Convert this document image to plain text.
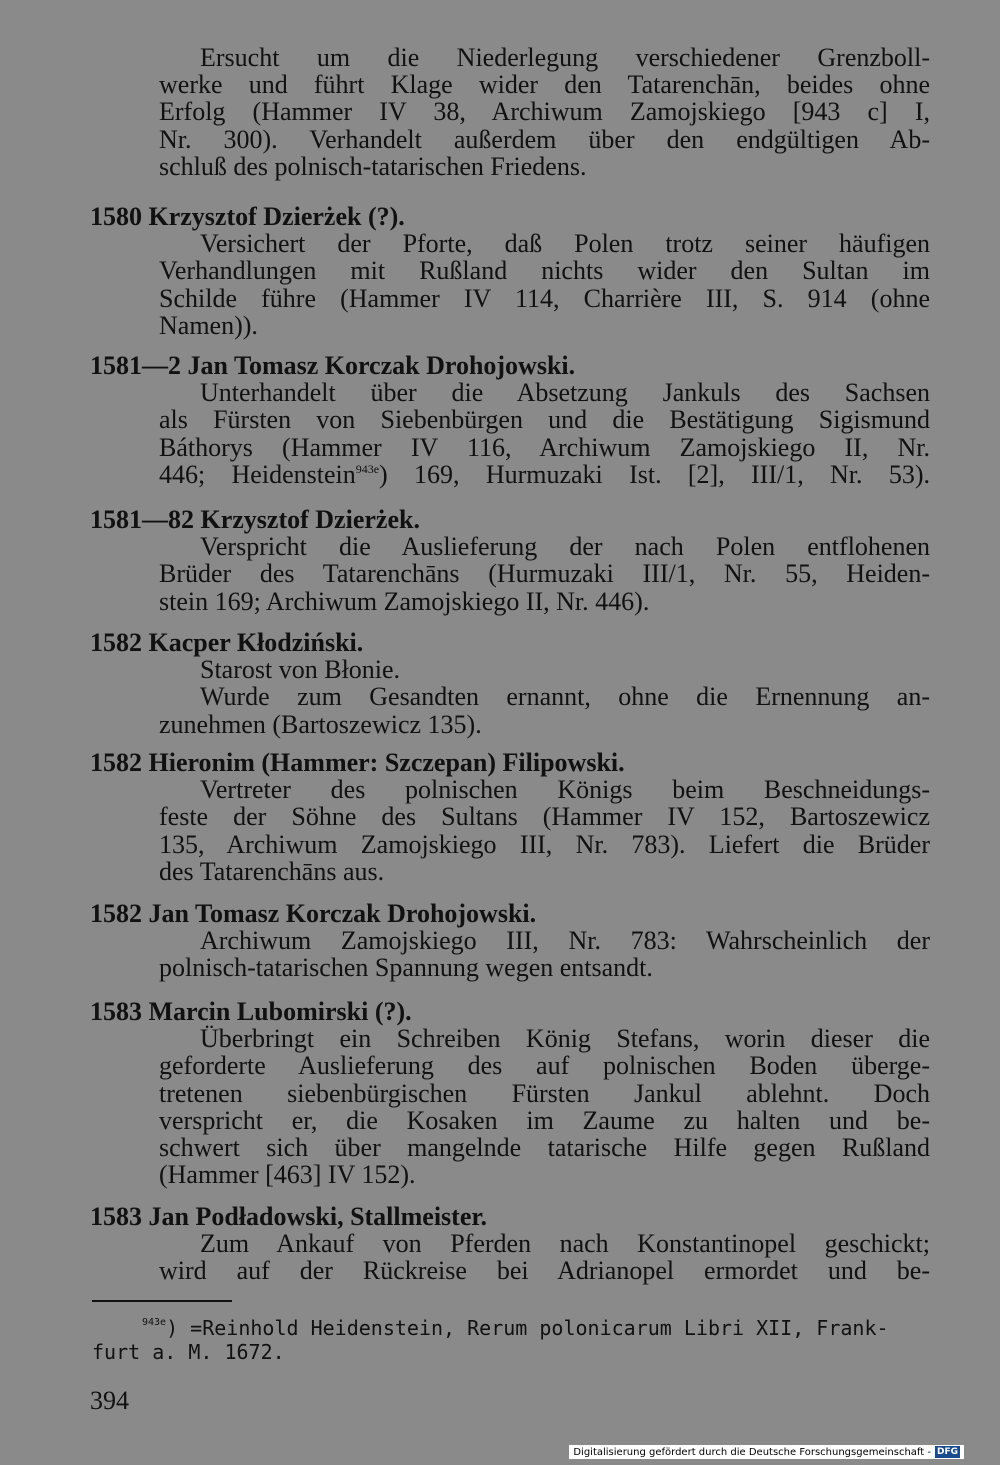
Ersucht um die Niederlegung verschiedener Grenzboll-
werke und führt Klage wider den Tatarenchān, beides ohne
Erfolg (Hammer IV 38, Archiwum Zamojskiego [943 c] I,
Nr. 300). Verhandelt außerdem über den endgültigen Ab-
schluß des polnisch-tatarischen Friedens.
1580 Krzysztof Dzierżek (?).
Versichert der Pforte, daß Polen trotz seiner häufigen
Verhandlungen mit Rußland nichts wider den Sultan im
Schilde führe (Hammer IV 114, Charrière III, S. 914 (ohne
Namen)).
1581—2 Jan Tomasz Korczak Drohojowski.
Unterhandelt über die Absetzung Jankuls des Sachsen
als Fürsten von Siebenbürgen und die Bestätigung Sigismund
Báthorys (Hammer IV 116, Archiwum Zamojskiego II, Nr.
446; Heidenstein$^{943e}$) 169, Hurmuzaki Ist. [2], III/1, Nr. 53).
1581—82 Krzysztof Dzierżek.
Verspricht die Auslieferung der nach Polen entflohenen
Brüder des Tatarenchāns (Hurmuzaki III/1, Nr. 55, Heiden-
stein 169; Archiwum Zamojskiego II, Nr. 446).
1582 Kacper Kłodziński.
Starost von Błonie.
Wurde zum Gesandten ernannt, ohne die Ernennung an-
zunehmen (Bartoszewicz 135).
1582 Hieronim (Hammer: Szczepan) Filipowski.
Vertreter des polnischen Königs beim Beschneidungs-
feste der Söhne des Sultans (Hammer IV 152, Bartoszewicz
135, Archiwum Zamojskiego III, Nr. 783). Liefert die Brüder
des Tatarenchāns aus.
1582 Jan Tomasz Korczak Drohojowski.
Archiwum Zamojskiego III, Nr. 783: Wahrscheinlich der
polnisch-tatarischen Spannung wegen entsandt.
1583 Marcin Lubomirski (?).
Überbringt ein Schreiben König Stefans, worin dieser die
geforderte Auslieferung des auf polnischen Boden überge-
tretenen siebenbürgischen Fürsten Jankul ablehnt. Doch
verspricht er, die Kosaken im Zaume zu halten und be-
schwert sich über mangelnde tatarische Hilfe gegen Rußland
(Hammer [463] IV 152).
1583 Jan Podładowski, Stallmeister.
Zum Ankauf von Pferden nach Konstantinopel geschickt;
wird auf der Rückreise bei Adrianopel ermordet und be-
$^{943e}$) =Reinhold Heidenstein, Rerum polonicarum Libri XII, Frank-
furt a. M. 1672.
394
Digitalisierung gefördert durch die Deutsche Forschungsgemeinschaft - DFG
